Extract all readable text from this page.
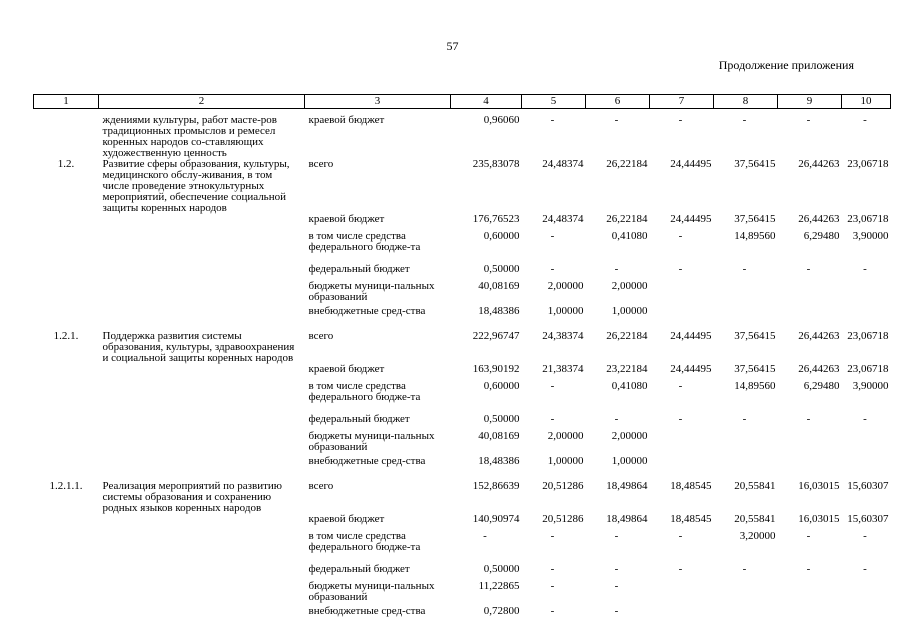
57
Продолжение приложения
1	2	3	4	5	6	7	8	9	10
	ждениями культуры, работ масте-ров традиционных промыслов и ремесел коренных народов со-ставляющих художественную ценность	краевой бюджет	0,96060	-	-	-	-	-	-
1.2.	Развитие сферы образования, культуры, медицинского обслу-живания, в том числе проведение этнокультурных мероприятий, обеспечение социальной защиты коренных народов	всего	235,83078	24,48374	26,22184	24,44495	37,56415	26,44263	23,06718
		краевой бюджет	176,76523	24,48374	26,22184	24,44495	37,56415	26,44263	23,06718
		в том числе средства федерального бюдже-та	0,60000	-	0,41080	-	14,89560	6,29480	3,90000
		федеральный бюджет	0,50000	-	-	-	-	-	-
		бюджеты муници-пальных образований	40,08169	2,00000	2,00000				
		внебюджетные сред-ства	18,48386	1,00000	1,00000				
1.2.1.	Поддержка развития системы образования, культуры, здравоохранения и социальной защиты коренных народов	всего	222,96747	24,38374	26,22184	24,44495	37,56415	26,44263	23,06718
		краевой бюджет	163,90192	21,38374	23,22184	24,44495	37,56415	26,44263	23,06718
		в том числе средства федерального бюдже-та	0,60000	-	0,41080	-	14,89560	6,29480	3,90000
		федеральный бюджет	0,50000	-	-	-	-	-	-
		бюджеты муници-пальных образований	40,08169	2,00000	2,00000				
		внебюджетные сред-ства	18,48386	1,00000	1,00000				
1.2.1.1.	Реализация мероприятий по развитию системы образования и сохранению родных языков коренных народов	всего	152,86639	20,51286	18,49864	18,48545	20,55841	16,03015	15,60307
		краевой бюджет	140,90974	20,51286	18,49864	18,48545	20,55841	16,03015	15,60307
		в том числе средства федерального бюдже-та	-	-	-	-	3,20000	-	-
		федеральный бюджет	0,50000	-	-	-	-	-	-
		бюджеты муници-пальных образований	11,22865	-	-				
		внебюджетные сред-ства	0,72800	-	-				
